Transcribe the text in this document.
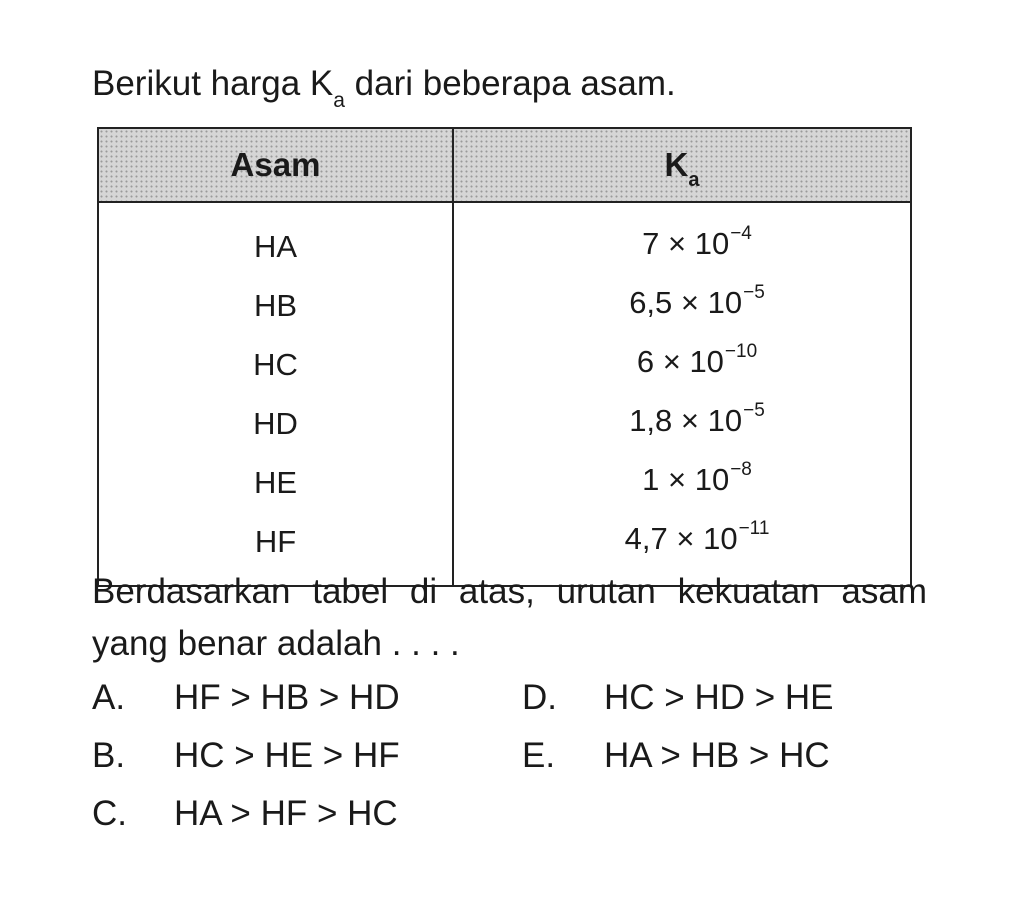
Berikut harga $K_a$ dari beberapa asam.
Asam	$K_a$
HA	$7 \times 10^{-4}$
HB	$6,5 \times 10^{-5}$
HC	$6 \times 10^{-10}$
HD	$1,8 \times 10^{-5}$
HE	$1 \times 10^{-8}$
HF	$4,7 \times 10^{-11}$
Berdasarkan tabel di atas, urutan kekuatan asam yang benar adalah . . . .
A. HF > HB > HD
B. HC > HE > HF
C. HA > HF > HC
D. HC > HD > HE
E. HA > HB > HC
